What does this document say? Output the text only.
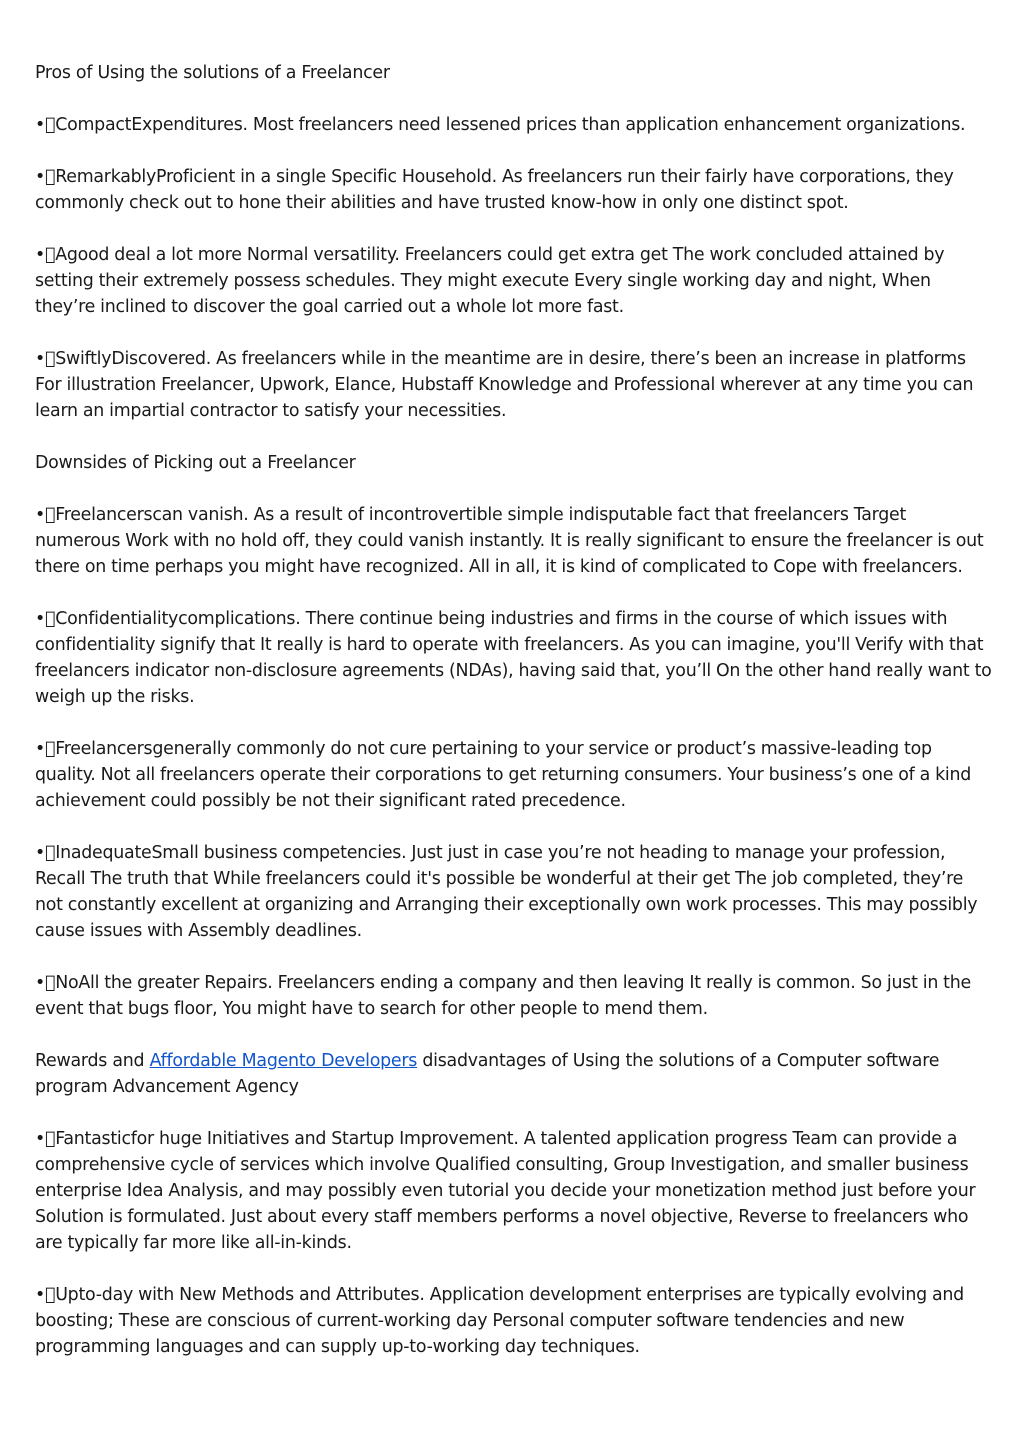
Pros of Using the solutions of a Freelancer

• CompactExpenditures. Most freelancers need lessened prices than application enhancement organizations.

• RemarkablyProficient in a single Specific Household. As freelancers run their fairly have corporations, they commonly check out to hone their abilities and have trusted know-how in only one distinct spot.

• Agood deal a lot more Normal versatility. Freelancers could get extra get The work concluded attained by setting their extremely possess schedules. They might execute Every single working day and night, When they’re inclined to discover the goal carried out a whole lot more fast.

• SwiftlyDiscovered. As freelancers while in the meantime are in desire, there’s been an increase in platforms For illustration Freelancer, Upwork, Elance, Hubstaff Knowledge and Professional wherever at any time you can learn an impartial contractor to satisfy your necessities.

Downsides of Picking out a Freelancer

• Freelancerscan vanish. As a result of incontrovertible simple indisputable fact that freelancers Target numerous Work with no hold off, they could vanish instantly. It is really significant to ensure the freelancer is out there on time perhaps you might have recognized. All in all, it is kind of complicated to Cope with freelancers.

• Confidentialitycomplications. There continue being industries and firms in the course of which issues with confidentiality signify that It really is hard to operate with freelancers. As you can imagine, you'll Verify with that freelancers indicator non-disclosure agreements (NDAs), having said that, you’ll On the other hand really want to weigh up the risks.

• Freelancersgenerally commonly do not cure pertaining to your service or product’s massive-leading top quality. Not all freelancers operate their corporations to get returning consumers. Your business’s one of a kind achievement could possibly be not their significant rated precedence.

• InadequateSmall business competencies. Just just in case you’re not heading to manage your profession, Recall The truth that While freelancers could it's possible be wonderful at their get The job completed, they’re not constantly excellent at organizing and Arranging their exceptionally own work processes. This may possibly cause issues with Assembly deadlines.

• NoAll the greater Repairs. Freelancers ending a company and then leaving It really is common. So just in the event that bugs floor, You might have to search for other people to mend them.

Rewards and Affordable Magento Developers disadvantages of Using the solutions of a Computer software program Advancement Agency

• Fantasticfor huge Initiatives and Startup Improvement. A talented application progress Team can provide a comprehensive cycle of services which involve Qualified consulting, Group Investigation, and smaller business enterprise Idea Analysis, and may possibly even tutorial you decide your monetization method just before your Solution is formulated. Just about every staff members performs a novel objective, Reverse to freelancers who are typically far more like all-in-kinds.

• Upto-day with New Methods and Attributes. Application development enterprises are typically evolving and boosting; These are conscious of current-working day Personal computer software tendencies and new programming languages and can supply up-to-working day techniques.
